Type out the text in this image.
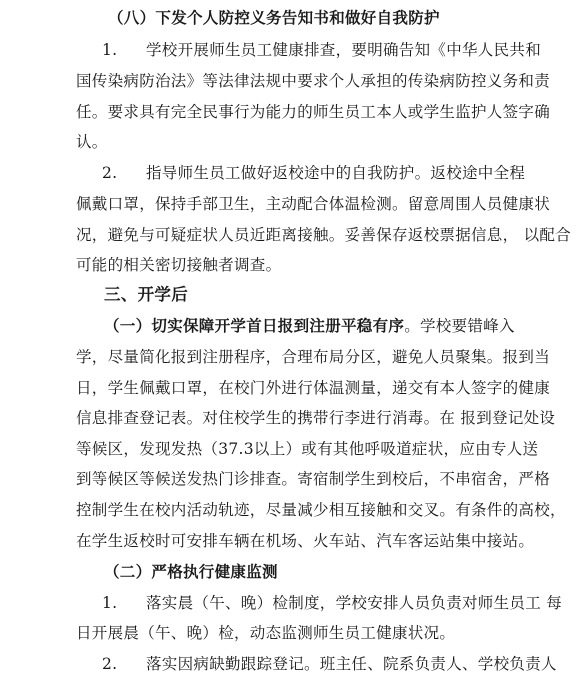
（八）下发个人防控义务告知书和做好自我防护
1. 学校开展师生员工健康排查，要明确告知《中华人民共和
国传染病防治法》等法律法规中要求个人承担的传染病防控义务和责
任。要求具有完全民事行为能力的师生员工本人或学生监护人签字确
认。
2. 指导师生员工做好返校途中的自我防护。返校途中全程
佩戴口罩，保持手部卫生，主动配合体温检测。留意周围人员健康状
况，避免与可疑症状人员近距离接触。妥善保存返校票据信息， 以配合
可能的相关密切接触者调查。
三、开学后
（一）切实保障开学首日报到注册平稳有序。学校要错峰入
学，尽量简化报到注册程序，合理布局分区，避免人员聚集。报到当
日，学生佩戴口罩，在校门外进行体温测量，递交有本人签字的健康
信息排查登记表。对住校学生的携带行李进行消毒。在 报到登记处设
等候区，发现发热（37.3以上）或有其他呼吸道症状，应由专人送
到等候区等候送发热门诊排查。寄宿制学生到校后，不串宿舍，严格
控制学生在校内活动轨迹，尽量减少相互接触和交叉。有条件的高校，
在学生返校时可安排车辆在机场、火车站、汽车客运站集中接站。
（二）严格执行健康监测
1. 落实晨（午、晚）检制度，学校安排人员负责对师生员工 每
日开展晨（午、晚）检，动态监测师生员工健康状况。
2. 落实因病缺勤跟踪登记。班主任、院系负责人、学校负责人
